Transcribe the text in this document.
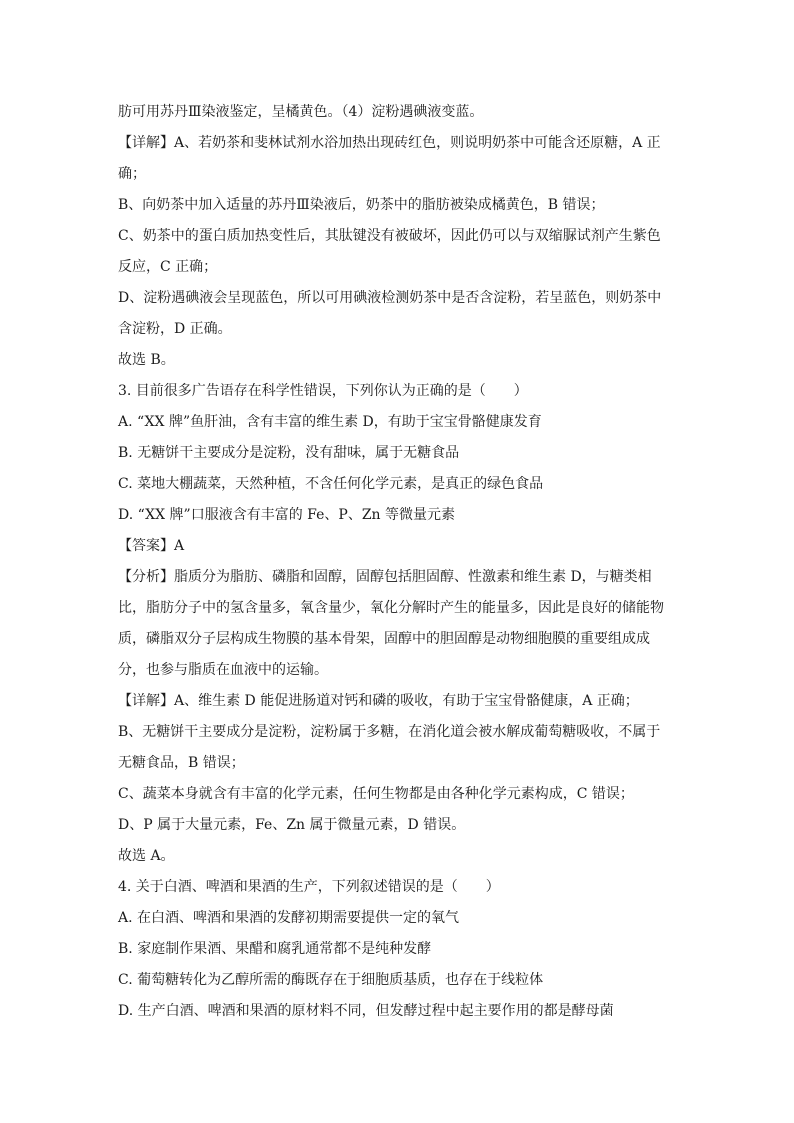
肪可用苏丹Ⅲ染液鉴定，呈橘黄色。（4）淀粉遇碘液变蓝。
【详解】A、若奶茶和斐林试剂水浴加热出现砖红色，则说明奶茶中可能含还原糖，A 正
确；
B、向奶茶中加入适量的苏丹Ⅲ染液后，奶茶中的脂肪被染成橘黄色，B 错误；
C、奶茶中的蛋白质加热变性后，其肽键没有被破坏，因此仍可以与双缩脲试剂产生紫色
反应，C 正确；
D、淀粉遇碘液会呈现蓝色，所以可用碘液检测奶茶中是否含淀粉，若呈蓝色，则奶茶中
含淀粉，D 正确。
故选 B。
3. 目前很多广告语存在科学性错误，下列你认为正确的是（　　）
A. “XX 牌”鱼肝油，含有丰富的维生素 D，有助于宝宝骨骼健康发育
B. 无糖饼干主要成分是淀粉，没有甜味，属于无糖食品
C. 菜地大棚蔬菜，天然种植，不含任何化学元素，是真正的绿色食品
D. “XX 牌”口服液含有丰富的 Fe、P、Zn 等微量元素
【答案】A
【分析】脂质分为脂肪、磷脂和固醇，固醇包括胆固醇、性激素和维生素 D，与糖类相
比，脂肪分子中的氢含量多，氧含量少，氧化分解时产生的能量多，因此是良好的储能物
质，磷脂双分子层构成生物膜的基本骨架，固醇中的胆固醇是动物细胞膜的重要组成成
分，也参与脂质在血液中的运输。
【详解】A、维生素 D 能促进肠道对钙和磷的吸收，有助于宝宝骨骼健康，A 正确；
B、无糖饼干主要成分是淀粉，淀粉属于多糖，在消化道会被水解成葡萄糖吸收，不属于
无糖食品，B 错误；
C、蔬菜本身就含有丰富的化学元素，任何生物都是由各种化学元素构成，C 错误；
D、P 属于大量元素，Fe、Zn 属于微量元素，D 错误。
故选 A。
4. 关于白酒、啤酒和果酒的生产，下列叙述错误的是（　　）
A. 在白酒、啤酒和果酒的发酵初期需要提供一定的氧气
B. 家庭制作果酒、果醋和腐乳通常都不是纯种发酵
C. 葡萄糖转化为乙醇所需的酶既存在于细胞质基质，也存在于线粒体
D. 生产白酒、啤酒和果酒的原材料不同，但发酵过程中起主要作用的都是酵母菌
